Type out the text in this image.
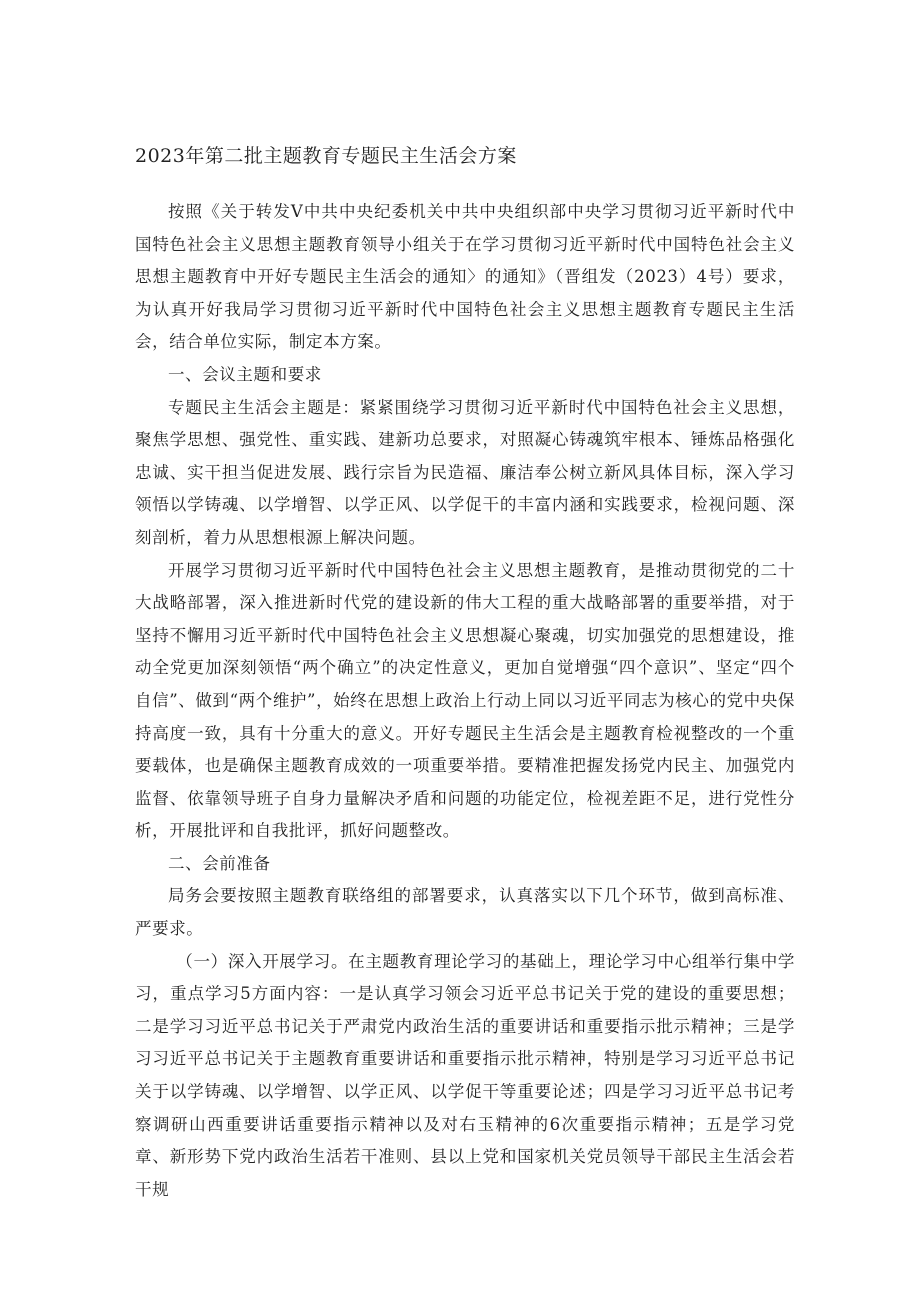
2023年第二批主题教育专题民主生活会方案

按照《关于转发V中共中央纪委机关中共中央组织部中央学习贯彻习近平新时代中国特色社会主义思想主题教育领导小组关于在学习贯彻习近平新时代中国特色社会主义思想主题教育中开好专题民主生活会的通知〉的通知》（晋组发（2023）4号）要求，为认真开好我局学习贯彻习近平新时代中国特色社会主义思想主题教育专题民主生活会，结合单位实际，制定本方案。

一、会议主题和要求

专题民主生活会主题是：紧紧围绕学习贯彻习近平新时代中国特色社会主义思想，聚焦学思想、强党性、重实践、建新功总要求，对照凝心铸魂筑牢根本、锤炼品格强化忠诚、实干担当促进发展、践行宗旨为民造福、廉洁奉公树立新风具体目标，深入学习领悟以学铸魂、以学增智、以学正风、以学促干的丰富内涵和实践要求，检视问题、深刻剖析，着力从思想根源上解决问题。

开展学习贯彻习近平新时代中国特色社会主义思想主题教育，是推动贯彻党的二十大战略部署，深入推进新时代党的建设新的伟大工程的重大战略部署的重要举措，对于坚持不懈用习近平新时代中国特色社会主义思想凝心聚魂，切实加强党的思想建设，推动全党更加深刻领悟“两个确立”的决定性意义，更加自觉增强“四个意识”、坚定“四个自信”、做到“两个维护”，始终在思想上政治上行动上同以习近平同志为核心的党中央保持高度一致，具有十分重大的意义。开好专题民主生活会是主题教育检视整改的一个重要载体，也是确保主题教育成效的一项重要举措。要精准把握发扬党内民主、加强党内监督、依靠领导班子自身力量解决矛盾和问题的功能定位，检视差距不足，进行党性分析，开展批评和自我批评，抓好问题整改。

二、会前准备

局务会要按照主题教育联络组的部署要求，认真落实以下几个环节，做到高标准、严要求。

（一）深入开展学习。在主题教育理论学习的基础上，理论学习中心组举行集中学习，重点学习5方面内容：一是认真学习领会习近平总书记关于党的建设的重要思想；二是学习习近平总书记关于严肃党内政治生活的重要讲话和重要指示批示精神；三是学习习近平总书记关于主题教育重要讲话和重要指示批示精神，特别是学习习近平总书记关于以学铸魂、以学增智、以学正风、以学促干等重要论述；四是学习习近平总书记考察调研山西重要讲话重要指示精神以及对右玉精神的6次重要指示精神；五是学习党章、新形势下党内政治生活若干准则、县以上党和国家机关党员领导干部民主生活会若干规
